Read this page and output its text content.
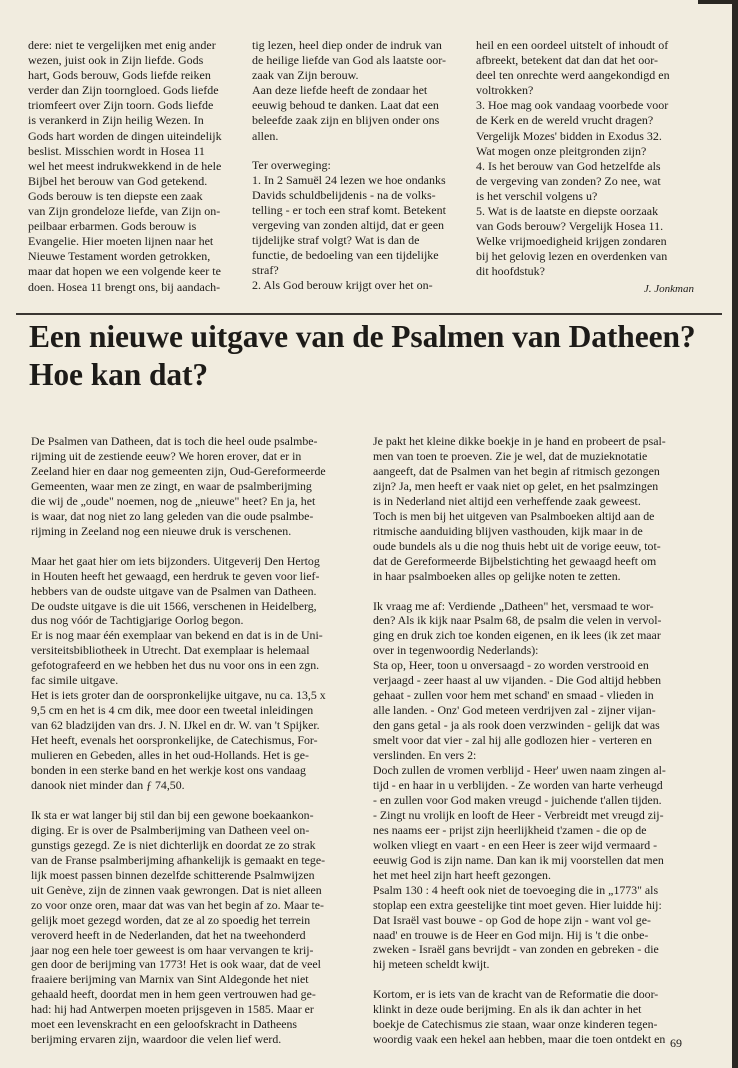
dere: niet te vergelijken met enig ander
wezen, juist ook in Zijn liefde. Gods
hart, Gods berouw, Gods liefde reiken
verder dan Zijn toorngloed. Gods liefde
triomfeert over Zijn toorn. Gods liefde
is verankerd in Zijn heilig Wezen. In
Gods hart worden de dingen uiteindelijk
beslist. Misschien wordt in Hosea 11
wel het meest indrukwekkend in de hele
Bijbel het berouw van God getekend.
Gods berouw is ten diepste een zaak
van Zijn grondeloze liefde, van Zijn on-
peilbaar erbarmen. Gods berouw is
Evangelie. Hier moeten lijnen naar het
Nieuwe Testament worden getrokken,
maar dat hopen we een volgende keer te
doen. Hosea 11 brengt ons, bij aandach-

tig lezen, heel diep onder de indruk van
de heilige liefde van God als laatste oor-
zaak van Zijn berouw.
Aan deze liefde heeft de zondaar het
eeuwig behoud te danken. Laat dat een
beleefde zaak zijn en blijven onder ons
allen.

Ter overweging:
1. In 2 Samuël 24 lezen we hoe ondanks
Davids schuldbelijdenis - na de volks-
telling - er toch een straf komt. Betekent
vergeving van zonden altijd, dat er geen
tijdelijke straf volgt? Wat is dan de
functie, de bedoeling van een tijdelijke
straf?
2. Als God berouw krijgt over het on-

heil en een oordeel uitstelt of inhoudt of
afbreekt, betekent dat dan dat het oor-
deel ten onrechte werd aangekondigd en
voltrokken?
3. Hoe mag ook vandaag voorbede voor
de Kerk en de wereld vrucht dragen?
Vergelijk Mozes' bidden in Exodus 32.
Wat mogen onze pleitgronden zijn?
4. Is het berouw van God hetzelfde als
de vergeving van zonden? Zo nee, wat
is het verschil volgens u?
5. Wat is de laatste en diepste oorzaak
van Gods berouw? Vergelijk Hosea 11.
Welke vrijmoedigheid krijgen zondaren
bij het gelovig lezen en overdenken van
dit hoofdstuk?

J. Jonkman

Een nieuwe uitgave van de Psalmen van Datheen?
Hoe kan dat?

De Psalmen van Datheen, dat is toch die heel oude psalmbe-
rijming uit de zestiende eeuw? We horen erover, dat er in
Zeeland hier en daar nog gemeenten zijn, Oud-Gereformeerde
Gemeenten, waar men ze zingt, en waar de psalmberijming
die wij de „oude" noemen, nog de „nieuwe" heet? En ja, het
is waar, dat nog niet zo lang geleden van die oude psalmbe-
rijming in Zeeland nog een nieuwe druk is verschenen.

Maar het gaat hier om iets bijzonders. Uitgeverij Den Hertog
in Houten heeft het gewaagd, een herdruk te geven voor lief-
hebbers van de oudste uitgave van de Psalmen van Datheen.
De oudste uitgave is die uit 1566, verschenen in Heidelberg,
dus nog vóór de Tachtigjarige Oorlog begon.
Er is nog maar één exemplaar van bekend en dat is in de Uni-
versiteitsbibliotheek in Utrecht. Dat exemplaar is helemaal
gefotografeerd en we hebben het dus nu voor ons in een zgn.
fac simile uitgave.
Het is iets groter dan de oorspronkelijke uitgave, nu ca. 13,5 x
9,5 cm en het is 4 cm dik, mee door een tweetal inleidingen
van 62 bladzijden van drs. J. N. IJkel en dr. W. van 't Spijker.
Het heeft, evenals het oorspronkelijke, de Catechismus, For-
mulieren en Gebeden, alles in het oud-Hollands. Het is ge-
bonden in een sterke band en het werkje kost ons vandaag
danook niet minder dan ƒ 74,50.

Ik sta er wat langer bij stil dan bij een gewone boekaankon-
diging. Er is over de Psalmberijming van Datheen veel on-
gunstigs gezegd. Ze is niet dichterlijk en doordat ze zo strak
van de Franse psalmberijming afhankelijk is gemaakt en tege-
lijk moest passen binnen dezelfde schitterende Psalmwijzen
uit Genève, zijn de zinnen vaak gewrongen. Dat is niet alleen
zo voor onze oren, maar dat was van het begin af zo. Maar te-
gelijk moet gezegd worden, dat ze al zo spoedig het terrein
veroverd heeft in de Nederlanden, dat het na tweehonderd
jaar nog een hele toer geweest is om haar vervangen te krij-
gen door de berijming van 1773! Het is ook waar, dat de veel
fraaiere berijming van Marnix van Sint Aldegonde het niet
gehaald heeft, doordat men in hem geen vertrouwen had ge-
had: hij had Antwerpen moeten prijsgeven in 1585. Maar er
moet een levenskracht en een geloofskracht in Datheens
berijming ervaren zijn, waardoor die velen lief werd.

Je pakt het kleine dikke boekje in je hand en probeert de psal-
men van toen te proeven. Zie je wel, dat de muzieknotatie
aangeeft, dat de Psalmen van het begin af ritmisch gezongen
zijn? Ja, men heeft er vaak niet op gelet, en het psalmzingen
is in Nederland niet altijd een verheffende zaak geweest.
Toch is men bij het uitgeven van Psalmboeken altijd aan de
ritmische aanduiding blijven vasthouden, kijk maar in de
oude bundels als u die nog thuis hebt uit de vorige eeuw, tot-
dat de Gereformeerde Bijbelstichting het gewaagd heeft om
in haar psalmboeken alles op gelijke noten te zetten.

Ik vraag me af: Verdiende „Datheen" het, versmaad te wor-
den? Als ik kijk naar Psalm 68, de psalm die velen in vervol-
ging en druk zich toe konden eigenen, en ik lees (ik zet maar
over in tegenwoordig Nederlands):
Sta op, Heer, toon u onversaagd - zo worden verstrooid en
verjaagd - zeer haast al uw vijanden. - Die God altijd hebben
gehaat - zullen voor hem met schand' en smaad - vlieden in
alle landen. - Onz' God meteen verdrijven zal - zijner vijan-
den gans getal - ja als rook doen verzwinden - gelijk dat was
smelt voor dat vier - zal hij alle godlozen hier - verteren en
verslinden. En vers 2:
Doch zullen de vromen verblijd - Heer' uwen naam zingen al-
tijd - en haar in u verblijden. - Ze worden van harte verheugd
- en zullen voor God maken vreugd - juichende t'allen tijden.
- Zingt nu vrolijk en looft de Heer - Verbreidt met vreugd zij-
nes naams eer - prijst zijn heerlijkheid t'zamen - die op de
wolken vliegt en vaart - en een Heer is zeer wijd vermaard -
eeuwig God is zijn name. Dan kan ik mij voorstellen dat men
het met heel zijn hart heeft gezongen.
Psalm 130 : 4 heeft ook niet de toevoeging die in „1773" als
stoplap een extra geestelijke tint moet geven. Hier luidde hij:
Dat Israël vast bouwe - op God de hope zijn - want vol ge-
naad' en trouwe is de Heer en God mijn. Hij is 't die onbe-
zweken - Israël gans bevrijdt - van zonden en gebreken - die
hij meteen scheldt kwijt.

Kortom, er is iets van de kracht van de Reformatie die door-
klinkt in deze oude berijming. En als ik dan achter in het
boekje de Catechismus zie staan, waar onze kinderen tegen-
woordig vaak een hekel aan hebben, maar die toen ontdekt en 69
